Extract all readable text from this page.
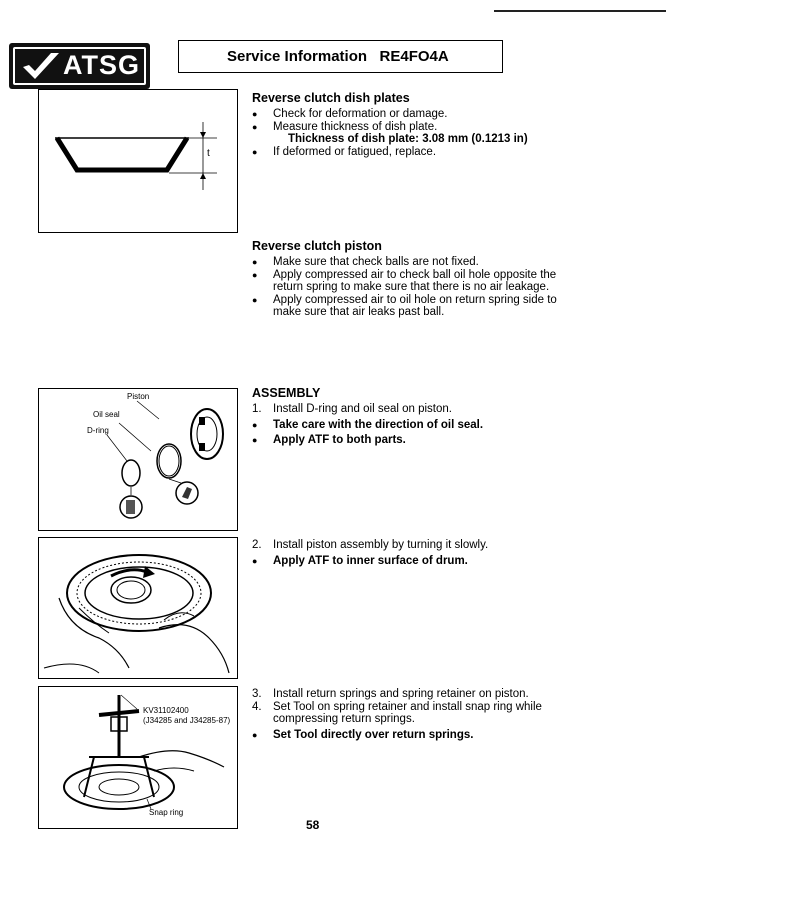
ATSG	Service Information   RE4FO4A
t
Reverse clutch dish plates
● Check for deformation or damage.
● Measure thickness of dish plate.
Thickness of dish plate: 3.08 mm (0.1213 in)
● If deformed or fatigued, replace.
Reverse clutch piston
● Make sure that check balls are not fixed.
● Apply compressed air to check ball oil hole opposite the return spring to make sure that there is no air leakage.
● Apply compressed air to oil hole on return spring side to make sure that air leaks past ball.
Piston
Oil seal
D-ring
ASSEMBLY
1. Install D-ring and oil seal on piston.
● Take care with the direction of oil seal.
● Apply ATF to both parts.
2. Install piston assembly by turning it slowly.
● Apply ATF to inner surface of drum.
KV31102400
(J34285 and J34285-87)
Snap ring
3. Install return springs and spring retainer on piston.
4. Set Tool on spring retainer and install snap ring while compressing return springs.
● Set Tool directly over return springs.
58
